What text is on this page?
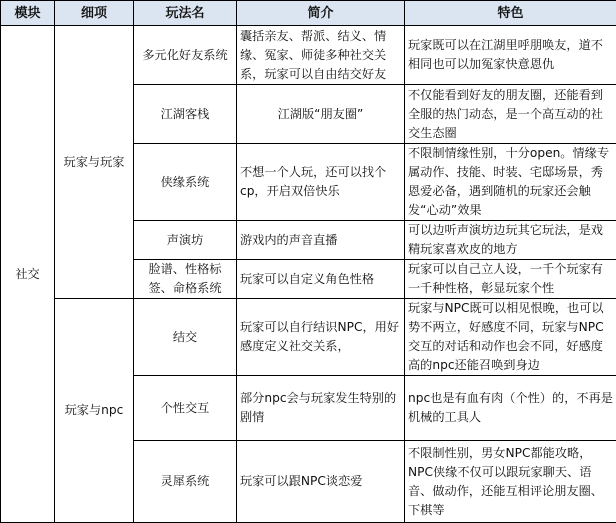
模块	细项	玩法名	简介	特色
社交	玩家与玩家	多元化好友系统	囊括亲友、帮派、结义、情缘、冤家、师徒多种社交关系，玩家可以自由结交好友	玩家既可以在江湖里呼朋唤友，道不相同也可以加冤家快意恩仇
		江湖客栈	江湖版“朋友圈”	不仅能看到好友的朋友圈，还能看到全服的热门动态，是一个高互动的社交生态圈
		侠缘系统	不想一个人玩，还可以找个cp，开启双倍快乐	不限制情缘性别，十分open。情缘专属动作、技能、时装、宅邸场景，秀恩爱必备，遇到随机的玩家还会触发“心动”效果
		声演坊	游戏内的声音直播	可以边听声演坊边玩其它玩法，是戏精玩家喜欢皮的地方
		脸谱、性格标签、命格系统	玩家可以自定义角色性格	玩家可以自己立人设，一千个玩家有一千种性格，彰显玩家个性
	玩家与npc	结交	玩家可以自行结识NPC，用好感度定义社交关系，	玩家与NPC既可以相见恨晚，也可以势不两立，好感度不同，玩家与NPC交互的对话和动作也会不同，好感度高的npc还能召唤到身边
		个性交互	部分npc会与玩家发生特别的剧情	npc也是有血有肉（个性）的，不再是机械的工具人
		灵犀系统	玩家可以跟NPC谈恋爱	不限制性别，男女NPC都能攻略，NPC侠缘不仅可以跟玩家聊天、语音、做动作，还能互相评论朋友圈、下棋等
